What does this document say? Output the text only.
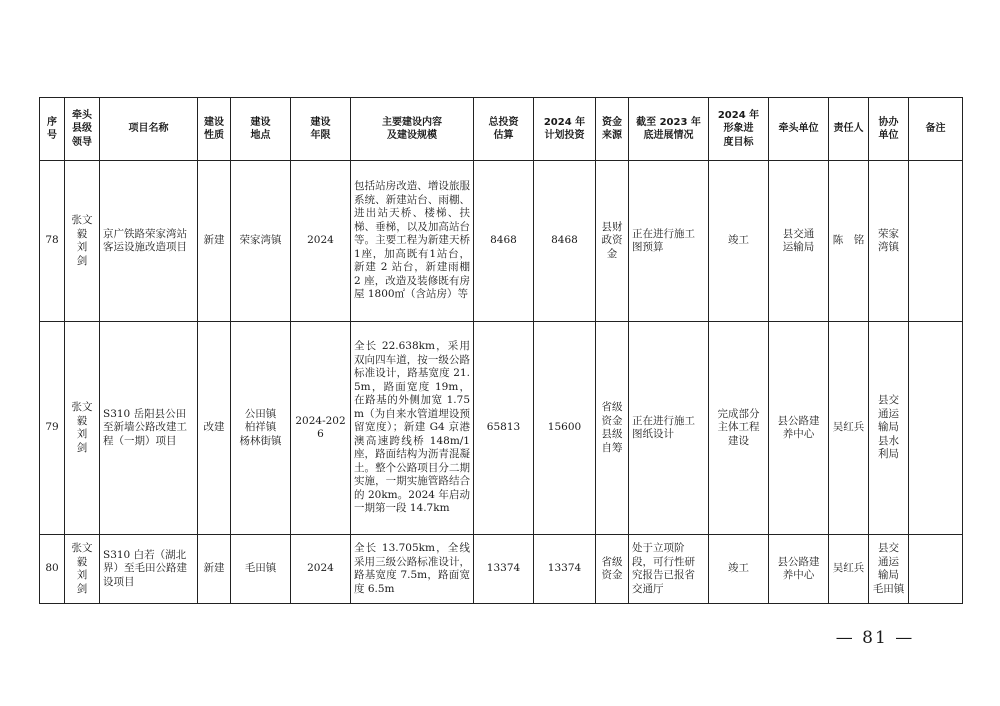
序
号	牵头
县级
领导	项目名称	建设
性质	建设
地点	建设
年限	主要建设内容
及建设规模	总投资
估算	2024 年
计划投资	资金
来源	截至 2023 年
底进展情况	2024 年
形象进
度目标	牵头单位	责任人	协办
单位	备注
78	张文毅
刘　剑	京广铁路荣家湾站客运设施改造项目	新建	荣家湾镇	2024	包括站房改造、增设旅服系统、新建站台、雨棚、进出站天桥、楼梯、扶梯、垂梯，以及加高站台等。主要工程为新建天桥 1座，加高既有1站台，新建 2 站台，新建雨棚 2 座，改造及装修既有房屋 1800㎡（含站房）等	8468	8468	县财
政资
金	正在进行施工图预算	竣工	县交通
运输局	陈　铭	荣家
湾镇	
79	张文毅
刘　剑	S310 岳阳县公田至新墙公路改建工程（一期）项目	改建	公田镇
柏祥镇
杨林街镇	2024-2026	全长 22.638km，采用双向四车道，按一级公路标准设计，路基宽度 21.5m，路面宽度 19m，在路基的外侧加宽 1.75m（为自来水管道埋设预留宽度）；新建 G4 京港澳高速跨线桥 148m/1 座，路面结构为沥青混凝土。整个公路项目分二期实施，一期实施管路结合的 20km。2024 年启动一期第一段 14.7km	65813	15600	省级
资金
县级
自筹	正在进行施工图纸设计	完成部分
主体工程
建设	县公路建
养中心	吴红兵	县交
通运
输局
县水
利局	
80	张文毅
刘　剑	S310 白若（湖北界）至毛田公路建设项目	新建	毛田镇	2024	全长 13.705km，全线采用三级公路标准设计，路基宽度 7.5m，路面宽度 6.5m	13374	13374	省级
资金	处于立项阶段，可行性研究报告已报省交通厅	竣工	县公路建
养中心	吴红兵	县交
通运
输局
毛田镇	
— 81 —
